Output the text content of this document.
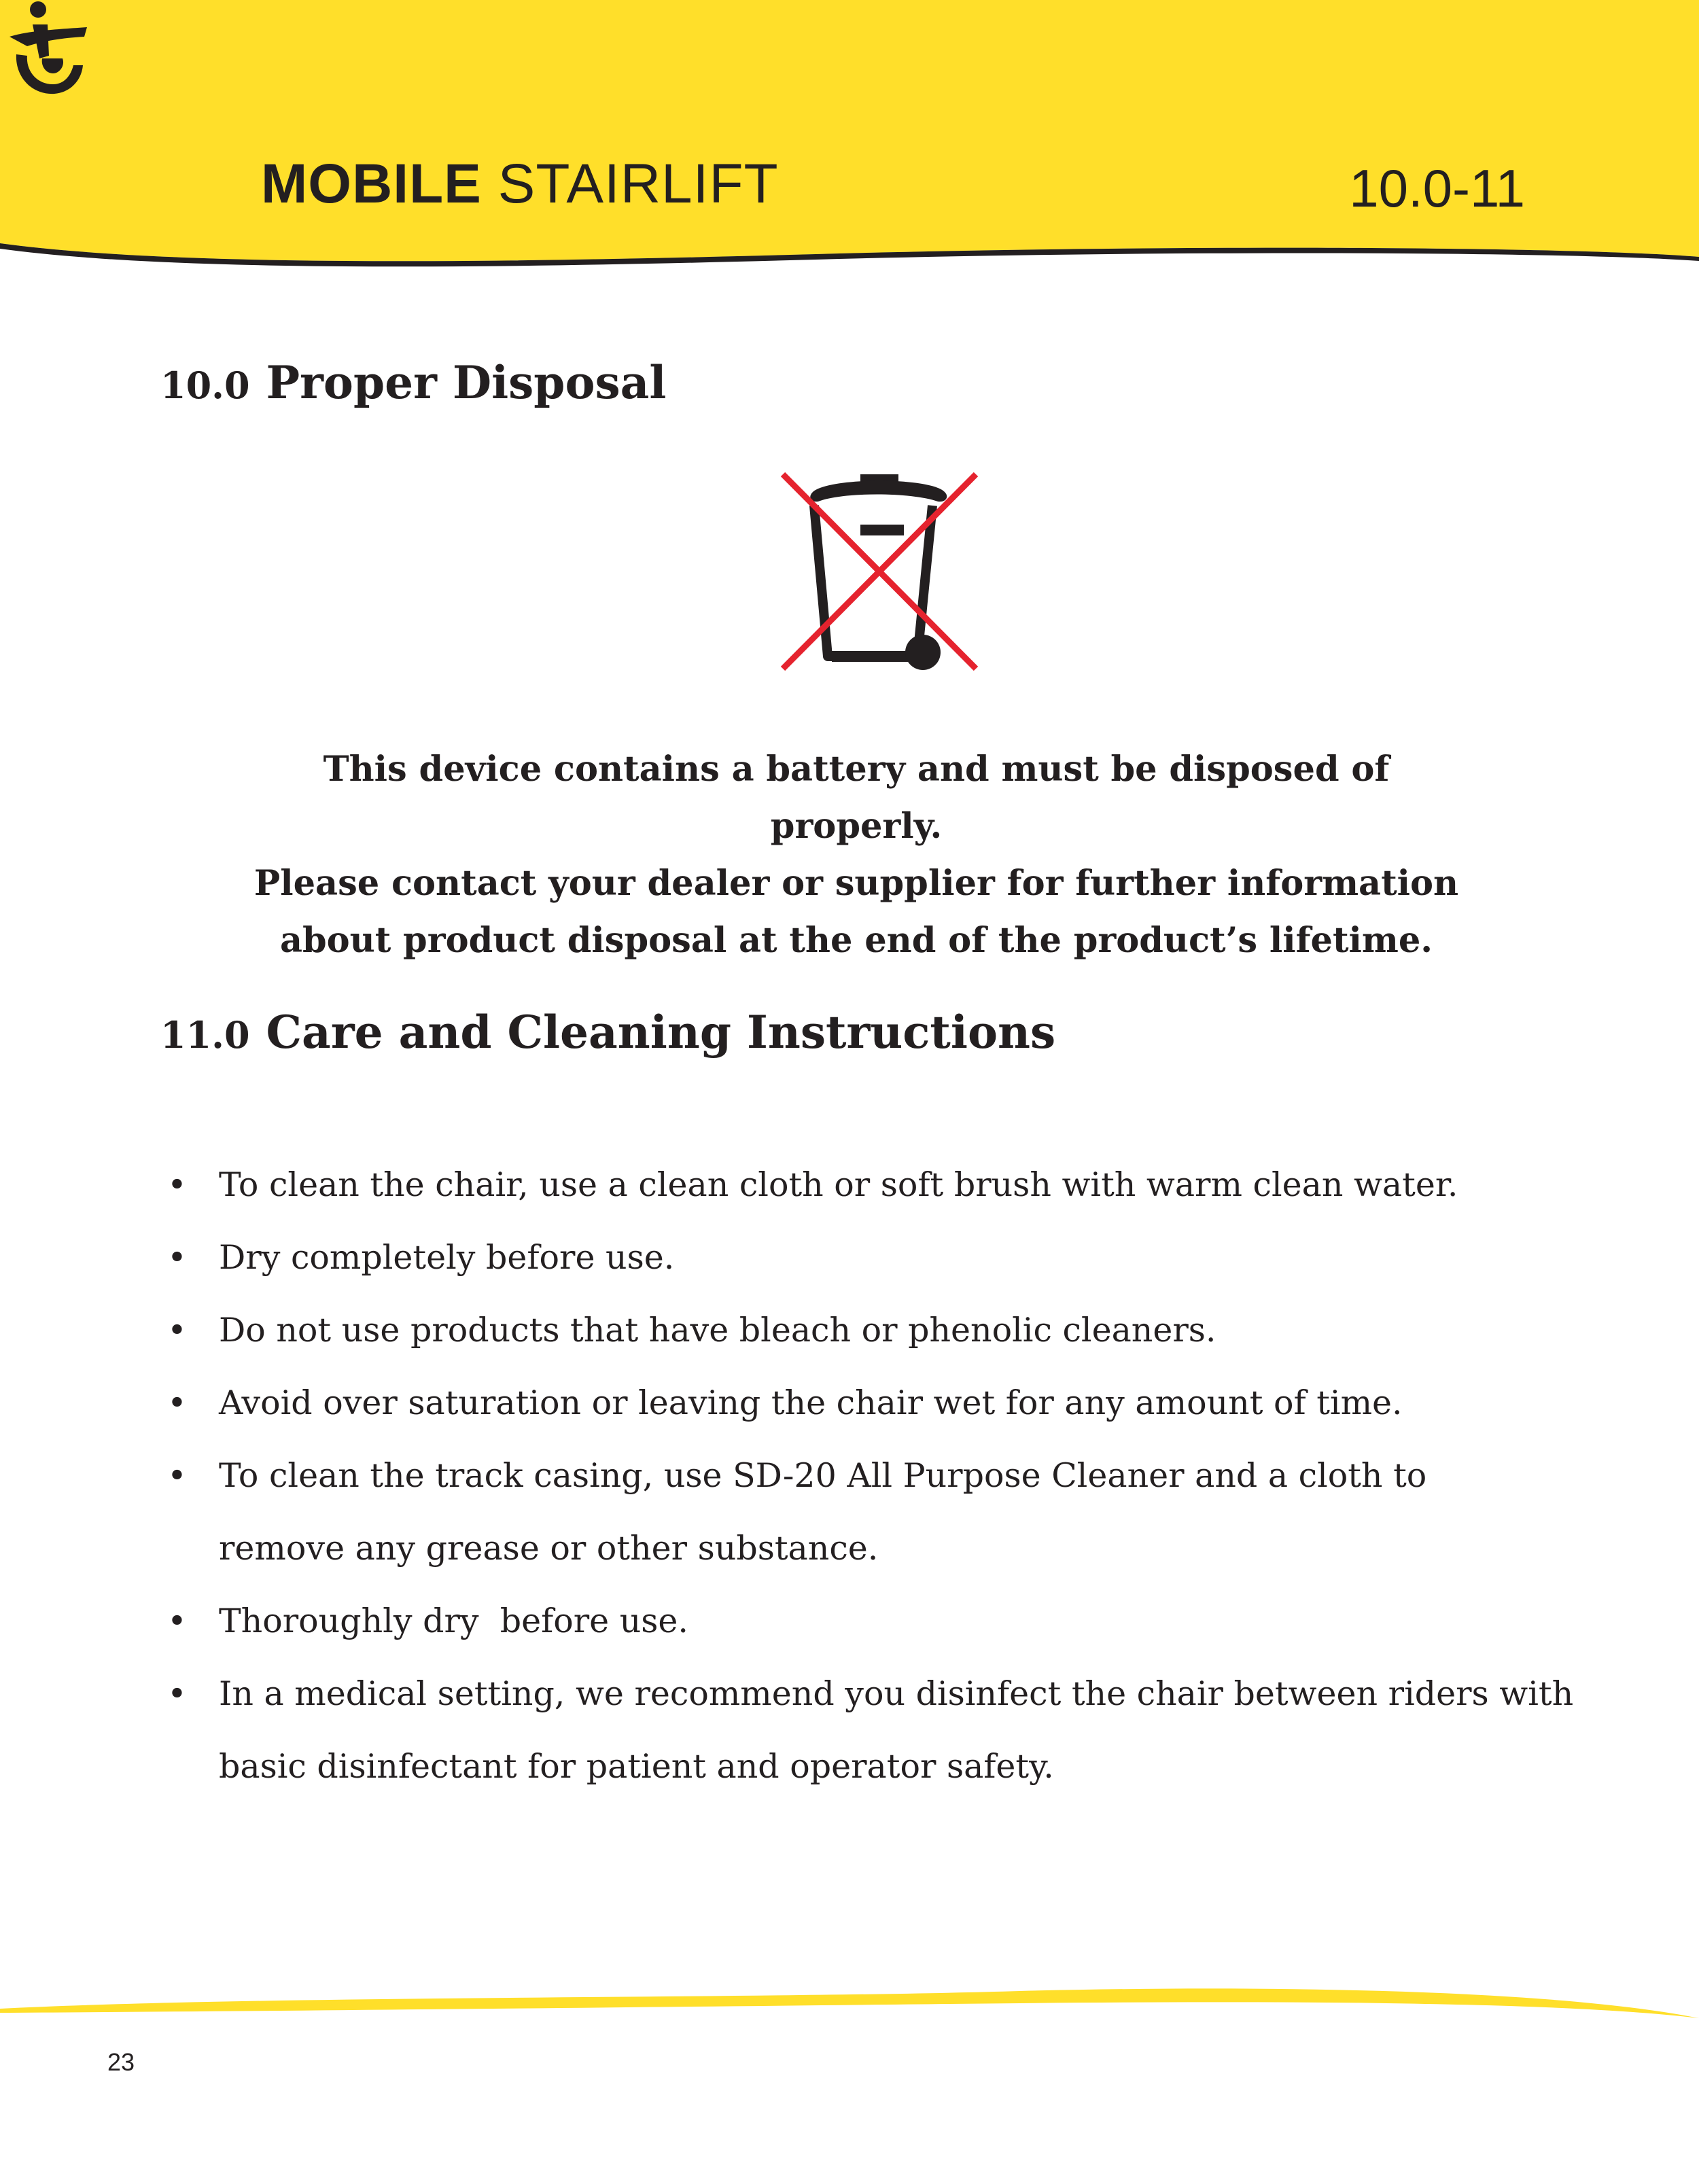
MOBILE STAIRLIFT	10.0-11
10.0 Proper Disposal

This device contains a battery and must be disposed of properly.

Please contact your dealer or supplier for further information

about product disposal at the end of the product’s lifetime.

11.0 Care and Cleaning Instructions
• To clean the chair, use a clean cloth or soft brush with warm clean water.
• Dry completely before use.
• Do not use products that have bleach or phenolic cleaners.
• Avoid over saturation or leaving the chair wet for any amount of time.
• To clean the track casing, use SD-20 All Purpose Cleaner and a cloth to remove any grease or other substance.
• Thoroughly dry  before use.
• In a medical setting, we recommend you disinfect the chair between riders with basic disinfectant for patient and operator safety.
23
